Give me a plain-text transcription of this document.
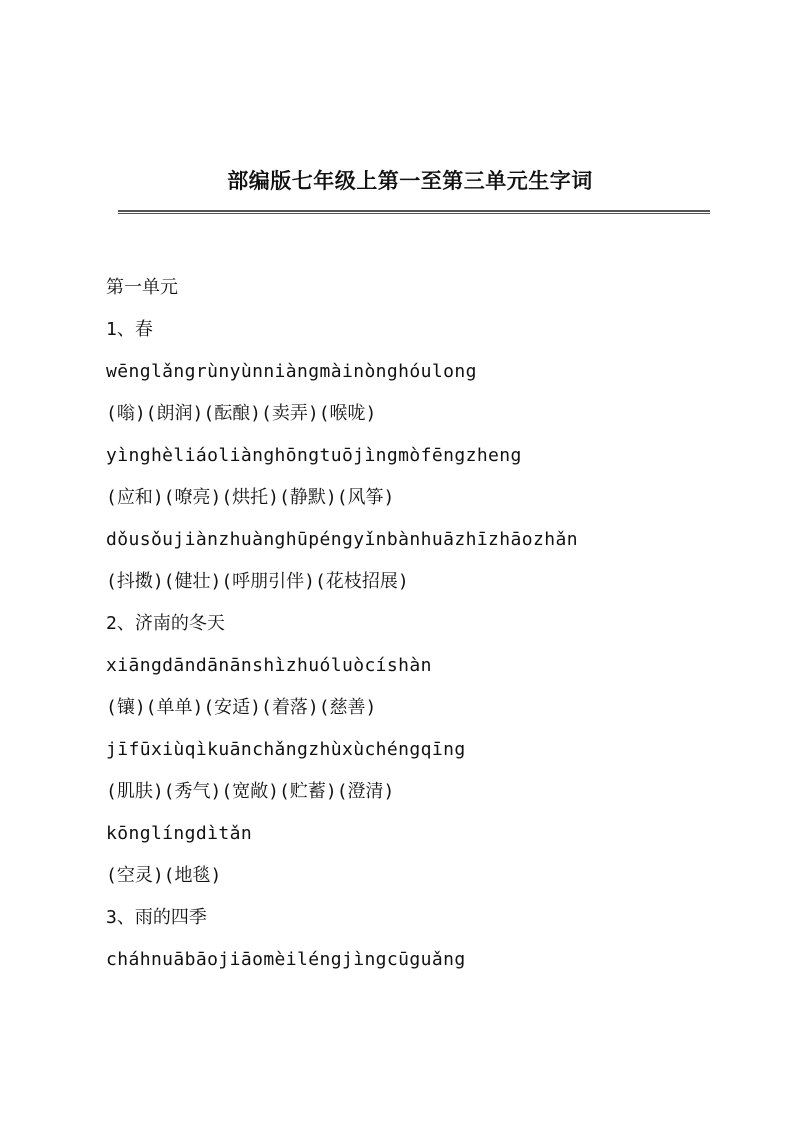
部编版七年级上第一至第三单元生字词
第一单元
1、春
wēnglǎngrùnyùnniàngmàinònghóulong
(嗡)(朗润)(酝酿)(卖弄)(喉咙)
yìnghèliáoliànghōngtuōjìngmòfēngzheng
(应和)(嘹亮)(烘托)(静默)(风筝)
dǒusǒujiànzhuànghūpéngyǐnbànhuāzhīzhāozhǎn
(抖擞)(健壮)(呼朋引伴)(花枝招展)
2、济南的冬天
xiāngdāndānānshìzhuóluòcíshàn
(镶)(单单)(安适)(着落)(慈善)
jīfūxiùqìkuānchǎngzhùxùchéngqīng
(肌肤)(秀气)(宽敞)(贮蓄)(澄清)
kōnglíngdìtǎn
(空灵)(地毯)
3、雨的四季
cháhnuābāojiāomèiléngjìngcūguǎng
